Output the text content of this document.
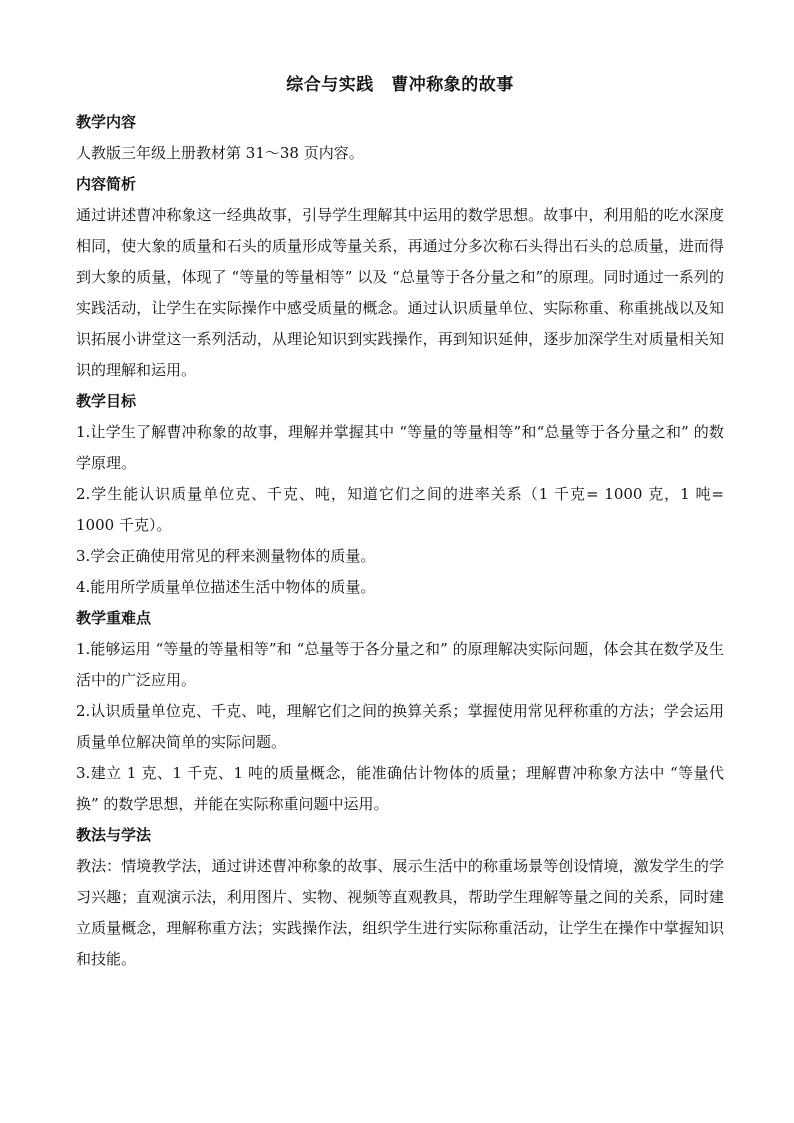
综合与实践　曹冲称象的故事

教学内容

人教版三年级上册教材第 31～38 页内容。

内容简析

通过讲述曹冲称象这一经典故事，引导学生理解其中运用的数学思想。故事中，利用船的吃水深度相同，使大象的质量和石头的质量形成等量关系，再通过分多次称石头得出石头的总质量，进而得到大象的质量，体现了 “等量的等量相等” 以及 “总量等于各分量之和”的原理。同时通过一系列的实践活动，让学生在实际操作中感受质量的概念。通过认识质量单位、实际称重、称重挑战以及知识拓展小讲堂这一系列活动，从理论知识到实践操作，再到知识延伸，逐步加深学生对质量相关知识的理解和运用。

教学目标

1.让学生了解曹冲称象的故事，理解并掌握其中 “等量的等量相等”和“总量等于各分量之和” 的数学原理。

2.学生能认识质量单位克、千克、吨，知道它们之间的进率关系（1 千克= 1000 克，1 吨= 1000 千克）。

3.学会正确使用常见的秤来测量物体的质量。

4.能用所学质量单位描述生活中物体的质量。

教学重难点

1.能够运用 “等量的等量相等”和 “总量等于各分量之和” 的原理解决实际问题，体会其在数学及生活中的广泛应用。

2.认识质量单位克、千克、吨，理解它们之间的换算关系；掌握使用常见秤称重的方法；学会运用质量单位解决简单的实际问题。

3.建立 1 克、1 千克、1 吨的质量概念，能准确估计物体的质量；理解曹冲称象方法中 “等量代换” 的数学思想，并能在实际称重问题中运用。

教法与学法

教法：情境教学法，通过讲述曹冲称象的故事、展示生活中的称重场景等创设情境，激发学生的学习兴趣；直观演示法，利用图片、实物、视频等直观教具，帮助学生理解等量之间的关系，同时建立质量概念，理解称重方法；实践操作法，组织学生进行实际称重活动，让学生在操作中掌握知识和技能。
